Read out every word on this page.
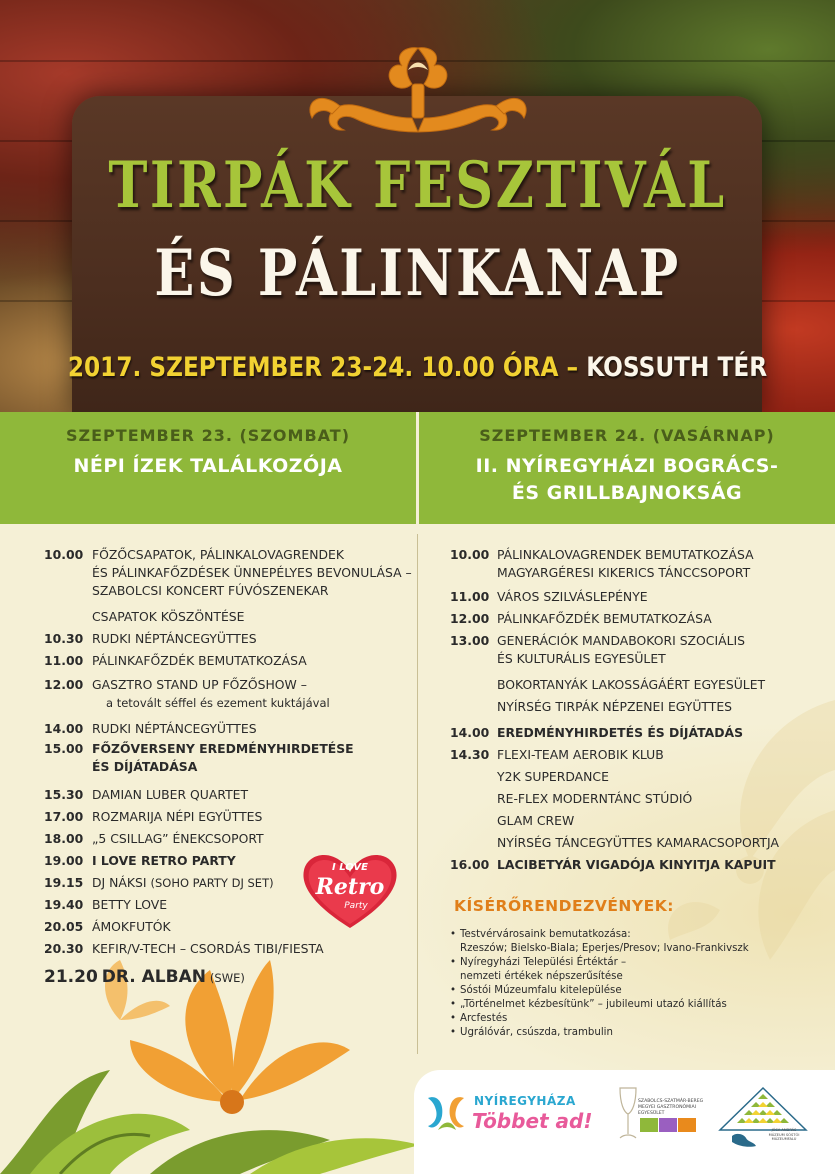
TIRPÁK FESZTIVÁL
ÉS PÁLINKANAP
2017. SZEPTEMBER 23-24. 10.00 ÓRA – KOSSUTH TÉR
SZEPTEMBER 23. (SZOMBAT)
NÉPI ÍZEK TALÁLKOZÓJA
SZEPTEMBER 24. (VASÁRNAP)
II. NYÍREGYHÁZI BOGRÁCS-
ÉS GRILLBAJNOKSÁG
10.00 FŐZŐCSAPATOK, PÁLINKALOVAGRENDEK
ÉS PÁLINKAFŐZDÉSEK ÜNNEPÉLYES BEVONULÁSA –
SZABOLCSI KONCERT FÚVÓSZENEKAR
CSAPATOK KÖSZÖNTÉSE
10.30 RUDKI NÉPTÁNCEGYÜTTES
11.00 PÁLINKAFŐZDÉK BEMUTATKOZÁSA
12.00 GASZTRO STAND UP FŐZŐSHOW –
a tetovált séffel és ezement kuktájával
14.00 RUDKI NÉPTÁNCEGYÜTTES
15.00 FŐZŐVERSENY EREDMÉNYHIRDETÉSE
ÉS DÍJÁTADÁSA
15.30 DAMIAN LUBER QUARTET
17.00 ROZMARIJA NÉPI EGYÜTTES
18.00 „5 CSILLAG” ÉNEKCSOPORT
19.00 I LOVE RETRO PARTY
19.15 DJ NÁKSI (SOHO PARTY DJ SET)
19.40 BETTY LOVE
20.05 ÁMOKFUTÓK
20.30 KEFIR/V-TECH – CSORDÁS TIBI/FIESTA
21.20 DR. ALBAN (SWE)
I LOVE
Retro
Party
10.00 PÁLINKALOVAGRENDEK BEMUTATKOZÁSA
MAGYARGÉRESI KIKERICS TÁNCCSOPORT
11.00 VÁROS SZILVÁSLEPÉNYE
12.00 PÁLINKAFŐZDÉK BEMUTATKOZÁSA
13.00 GENERÁCIÓK MANDABOKORI SZOCIÁLIS
ÉS KULTURÁLIS EGYESÜLET
BOKORTANYÁK LAKOSSÁGÁÉRT EGYESÜLET
NYÍRSÉG TIRPÁK NÉPZENEI EGYÜTTES
14.00 EREDMÉNYHIRDETÉS ÉS DÍJÁTADÁS
14.30 FLEXI-TEAM AEROBIK KLUB
Y2K SUPERDANCE
RE-FLEX MODERNTÁNC STÚDIÓ
GLAM CREW
NYÍRSÉG TÁNCEGYÜTTES KAMARACSOPORTJA
16.00 LACIBETYÁR VIGADÓJA KINYITJA KAPUIT
KÍSÉRŐRENDEZVÉNYEK:
• Testvérvárosaink bemutatkozása:
Rzeszów; Bielsko-Biala; Eperjes/Presov; Ivano-Frankivszk
• Nyíregyházi Települési Értéktár –
nemzeti értékek népszerűsítése
• Sóstói Múzeumfalu kitelepülése
• „Történelmet kézbesítünk” – jubileumi utazó kiállítás
• Arcfestés
• Ugrálóvár, csúszda, trambulin
NYÍREGYHÁZA
Többet ad!
SZABOLCS-SZATMÁR-BEREG MEGYEI GASZTRONÓMIAI EGYESÜLET
JÓSA ANDRÁS MÚZEUM SÓSTÓI MÚZEUMFALU
